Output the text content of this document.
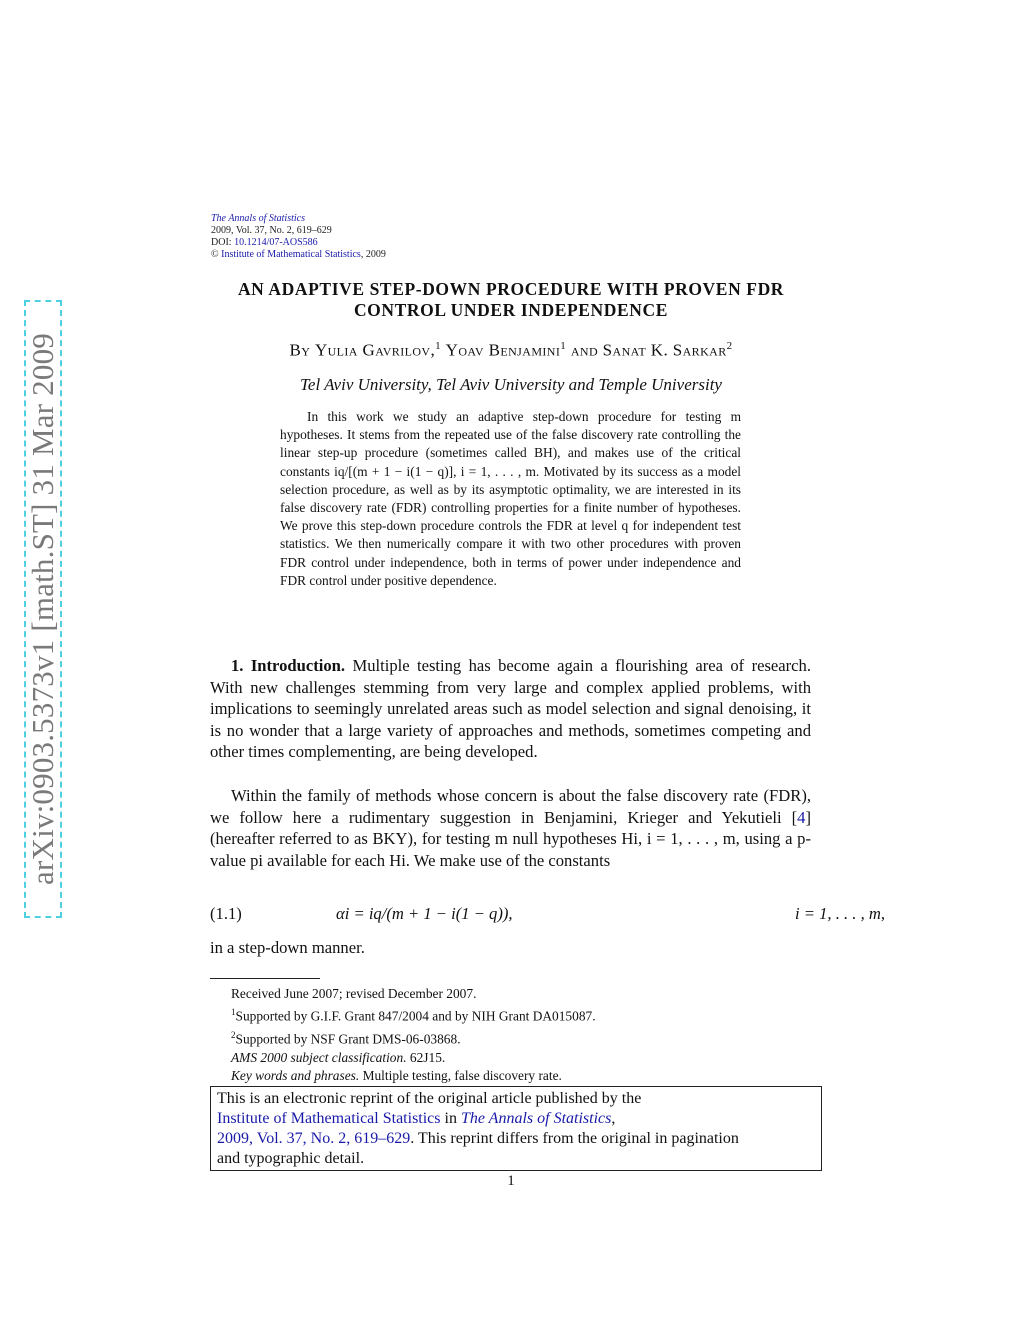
arXiv:0903.5373v1 [math.ST] 31 Mar 2009
The Annals of Statistics
2009, Vol. 37, No. 2, 619–629
DOI: 10.1214/07-AOS586
© Institute of Mathematical Statistics, 2009
AN ADAPTIVE STEP-DOWN PROCEDURE WITH PROVEN FDR
CONTROL UNDER INDEPENDENCE
By Yulia Gavrilov,$^1$ Yoav Benjamini$^1$ and Sanat K. Sarkar$^2$
Tel Aviv University, Tel Aviv University and Temple University
In this work we study an adaptive step-down procedure for testing m hypotheses. It stems from the repeated use of the false discovery rate controlling the linear step-up procedure (sometimes called BH), and makes use of the critical constants iq/[(m + 1 − i(1 − q)], i = 1, . . . , m. Motivated by its success as a model selection procedure, as well as by its asymptotic optimality, we are interested in its false discovery rate (FDR) controlling properties for a finite number of hypotheses. We prove this step-down procedure controls the FDR at level q for independent test statistics. We then numerically compare it with two other procedures with proven FDR control under independence, both in terms of power under independence and FDR control under positive dependence.
1. Introduction. Multiple testing has become again a flourishing area of research. With new challenges stemming from very large and complex applied problems, with implications to seemingly unrelated areas such as model selection and signal denoising, it is no wonder that a large variety of approaches and methods, sometimes competing and other times complementing, are being developed.
Within the family of methods whose concern is about the false discovery rate (FDR), we follow here a rudimentary suggestion in Benjamini, Krieger and Yekutieli [4] (hereafter referred to as BKY), for testing m null hypotheses Hi, i = 1, . . . , m, using a p-value pi available for each Hi. We make use of the constants
(1.1)	αi = iq/(m + 1 − i(1 − q)),	i = 1, . . . , m,
in a step-down manner.
Received June 2007; revised December 2007.
$^1$Supported by G.I.F. Grant 847/2004 and by NIH Grant DA015087.
$^2$Supported by NSF Grant DMS-06-03868.
AMS 2000 subject classification. 62J15.
Key words and phrases. Multiple testing, false discovery rate.
This is an electronic reprint of the original article published by the
Institute of Mathematical Statistics in The Annals of Statistics,
2009, Vol. 37, No. 2, 619–629. This reprint differs from the original in pagination
and typographic detail.
1
